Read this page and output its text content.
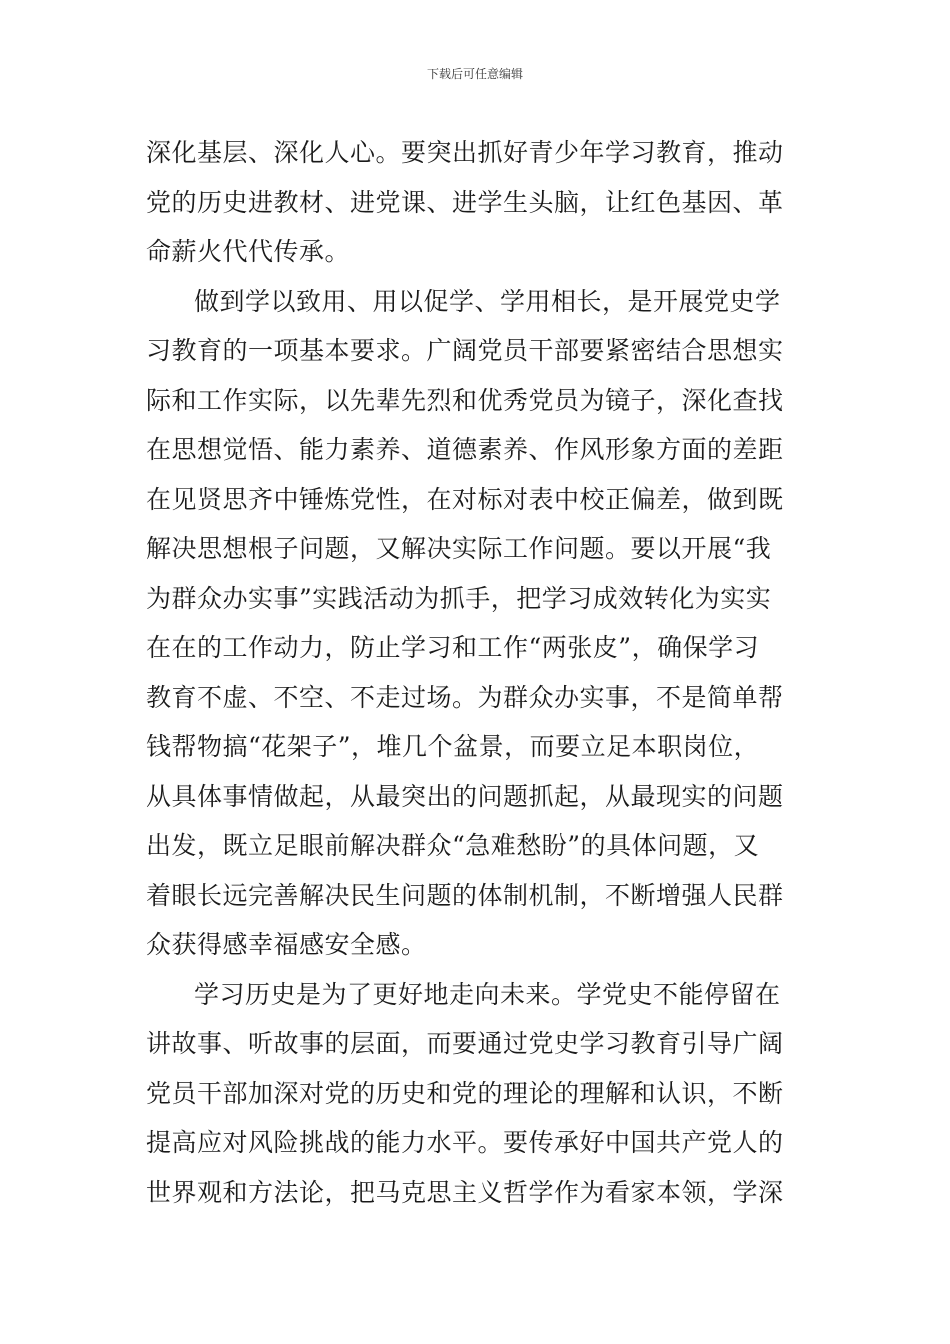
下载后可任意编辑
深化基层、深化人心。要突出抓好青少年学习教育，推动
党的历史进教材、进党课、进学生头脑，让红色基因、革
命薪火代代传承。
做到学以致用、用以促学、学用相长，是开展党史学
习教育的一项基本要求。广阔党员干部要紧密结合思想实
际和工作实际，以先辈先烈和优秀党员为镜子，深化查找
在思想觉悟、能力素养、道德素养、作风形象方面的差距
在见贤思齐中锤炼党性，在对标对表中校正偏差，做到既
解决思想根子问题，又解决实际工作问题。要以开展“我
为群众办实事”实践活动为抓手，把学习成效转化为实实
在在的工作动力，防止学习和工作“两张皮”，确保学习
教育不虚、不空、不走过场。为群众办实事，不是简单帮
钱帮物搞“花架子”，堆几个盆景，而要立足本职岗位，
从具体事情做起，从最突出的问题抓起，从最现实的问题
出发，既立足眼前解决群众“急难愁盼”的具体问题，又
着眼长远完善解决民生问题的体制机制，不断增强人民群
众获得感幸福感安全感。
学习历史是为了更好地走向未来。学党史不能停留在
讲故事、听故事的层面，而要通过党史学习教育引导广阔
党员干部加深对党的历史和党的理论的理解和认识，不断
提高应对风险挑战的能力水平。要传承好中国共产党人的
世界观和方法论，把马克思主义哲学作为看家本领，学深
